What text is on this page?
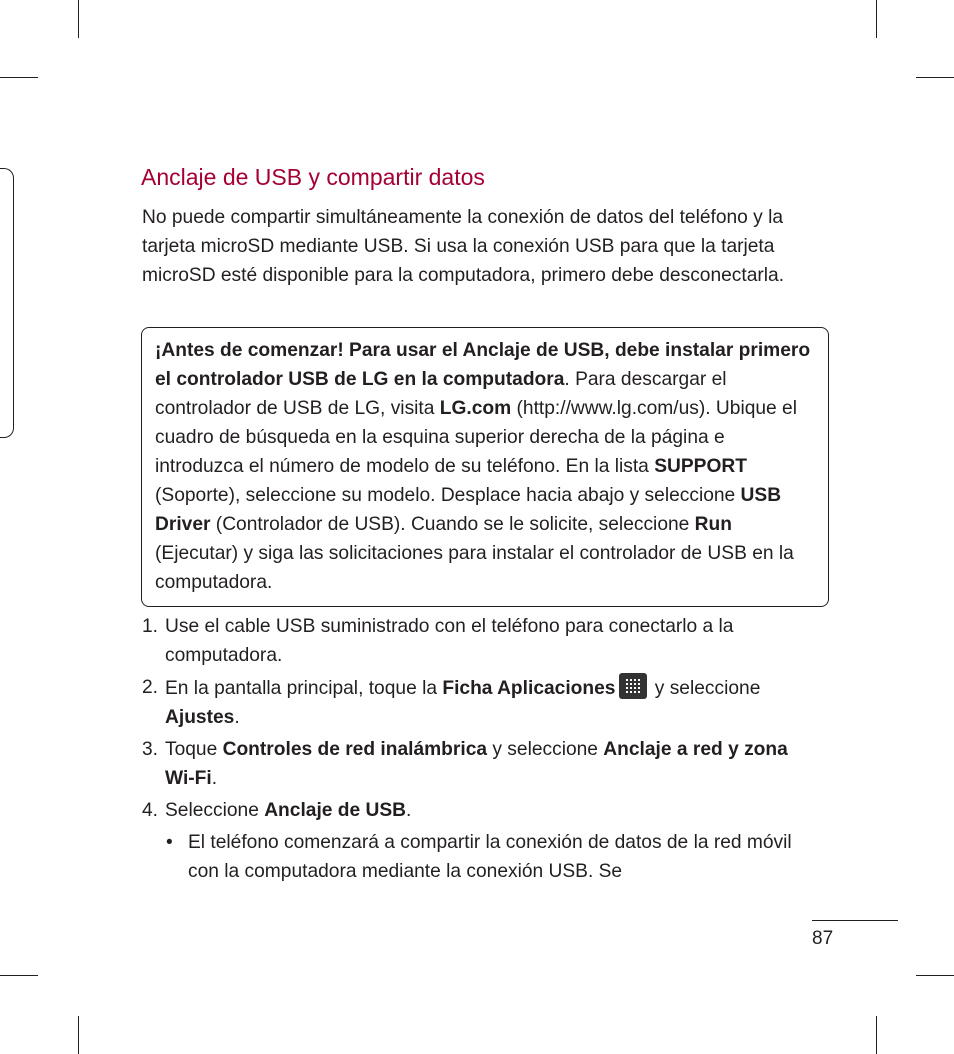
Anclaje de USB y compartir datos

No puede compartir simultáneamente la conexión de datos del teléfono y la tarjeta microSD mediante USB. Si usa la conexión USB para que la tarjeta microSD esté disponible para la computadora, primero debe desconectarla.

¡Antes de comenzar! Para usar el Anclaje de USB, debe instalar primero el controlador USB de LG en la computadora. Para descargar el controlador de USB de LG, visita LG.com (http://www.lg.com/us). Ubique el cuadro de búsqueda en la esquina superior derecha de la página e introduzca el número de modelo de su teléfono. En la lista SUPPORT (Soporte), seleccione su modelo. Desplace hacia abajo y seleccione USB Driver (Controlador de USB). Cuando se le solicite, seleccione Run (Ejecutar) y siga las solicitaciones para instalar el controlador de USB en la computadora.

1. Use el cable USB suministrado con el teléfono para conectarlo a la computadora.
2. En la pantalla principal, toque la Ficha Aplicaciones
y seleccione Ajustes.
3. Toque Controles de red inalámbrica y seleccione Anclaje a red y zona Wi-Fi.
4. Seleccione Anclaje de USB.
• El teléfono comenzará a compartir la conexión de datos de la red móvil con la computadora mediante la conexión USB. Se
87
